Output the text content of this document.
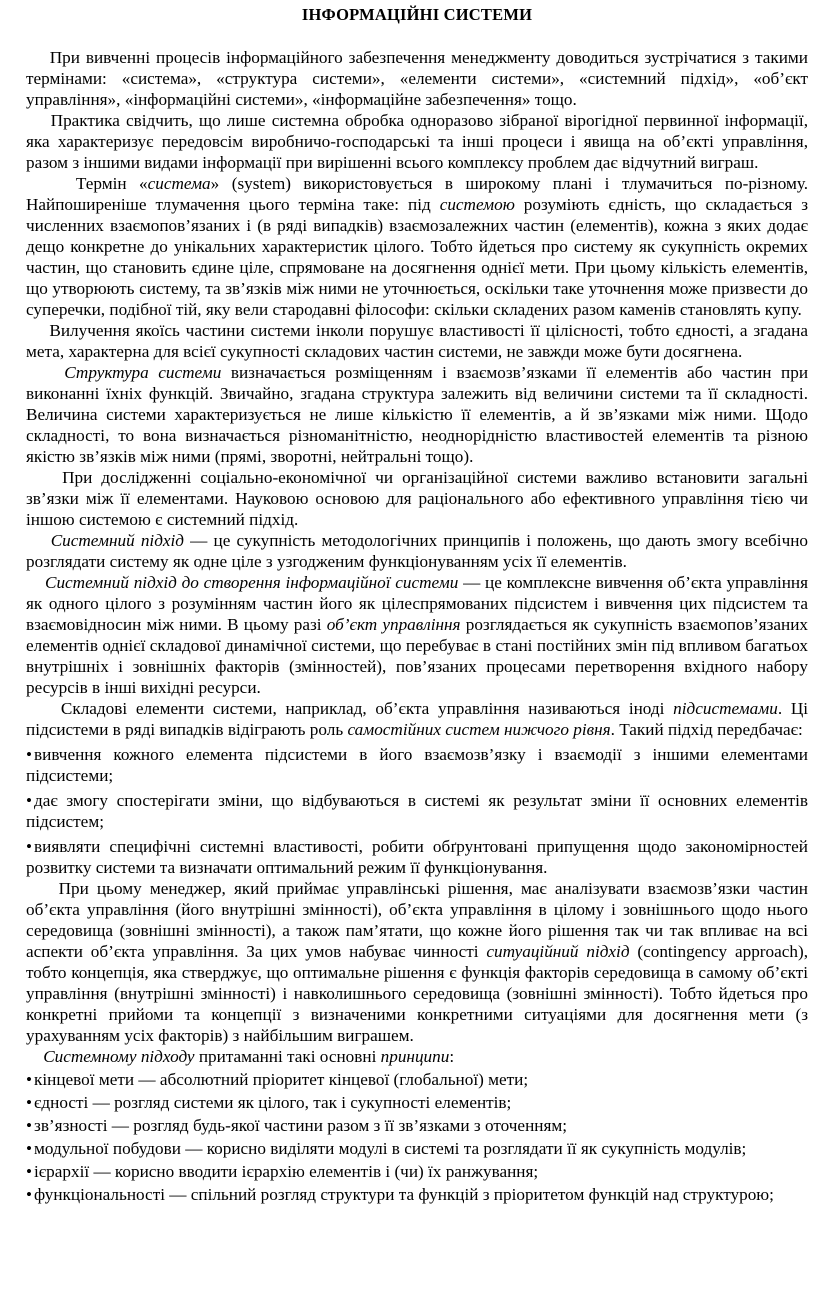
ІНФОРМАЦІЙНІ СИСТЕМИ

При вивченні процесів інформаційного забезпечення менеджменту доводиться зустрічатися з такими термінами: «система», «структура системи», «елементи системи», «системний підхід», «об’єкт управління», «інформаційні системи», «інформаційне забезпечення» тощо.

Практика свідчить, що лише системна обробка одноразово зібраної вірогідної первинної інформації, яка характеризує передовсім виробничо-господарські та інші процеси і явища на об’єкті управління, разом з іншими видами інформації при вирішенні всього комплексу проблем дає відчутний виграш.

Термін «система» (system) використовується в широкому плані і тлумачиться по-різному. Найпоширеніше тлумачення цього терміна таке: під системою розуміють єдність, що складається з численних взаємопов’язаних і (в ряді випадків) взаємозалежних частин (елементів), кожна з яких додає дещо конкретне до унікальних характеристик цілого. Тобто йдеться про систему як сукупність окремих частин, що становить єдине ціле, спрямоване на досягнення однієї мети. При цьому кількість елементів, що утворюють систему, та зв’язків між ними не уточнюється, оскільки таке уточнення може призвести до суперечки, подібної тій, яку вели стародавні філософи: скільки складених разом каменів становлять купу.

Вилучення якоїсь частини системи інколи порушує властивості її цілісності, тобто єдності, а згадана мета, характерна для всієї сукупності складових частин системи, не завжди може бути досягнена.

Структура системи визначається розміщенням і взаємозв’язками її елементів або частин при виконанні їхніх функцій. Звичайно, згадана структура залежить від величини системи та її складності. Величина системи характеризується не лише кількістю її елементів, а й зв’язками між ними. Щодо складності, то вона визначається різноманітністю, неоднорідністю властивостей елементів та різною якістю зв’язків між ними (прямі, зворотні, нейтральні тощо).

При дослідженні соціально-економічної чи організаційної системи важливо встановити загальні зв’язки між її елементами. Науковою основою для раціонального або ефективного управління тією чи іншою системою є системний підхід.

Системний підхід — це сукупність методологічних принципів і положень, що дають змогу всебічно розглядати систему як одне ціле з узгодженим функціонуванням усіх її елементів.

Системний підхід до створення інформаційної системи — це комплексне вивчення об’єкта управління як одного цілого з розумінням частин його як цілеспрямованих підсистем і вивчення цих підсистем та взаємовідносин між ними. В цьому разі об’єкт управління розглядається як сукупність взаємопов’язаних елементів однієї складової динамічної системи, що перебуває в стані постійних змін під впливом багатьох внутрішніх і зовнішніх факторів (змінностей), пов’язаних процесами перетворення вхідного набору ресурсів в інші вихідні ресурси.

Складові елементи системи, наприклад, об’єкта управління називаються іноді підсистемами. Ці підсистеми в ряді випадків відіграють роль самостійних систем нижчого рівня. Такий підхід передбачає:

• вивчення кожного елемента підсистеми в його взаємозв’язку і взаємодії з іншими елементами підсистеми;

• дає змогу спостерігати зміни, що відбуваються в системі як результат зміни її основних елементів підсистем;

• виявляти специфічні системні властивості, робити обґрунтовані припущення щодо закономірностей розвитку системи та визначати оптимальний режим її функціонування.

При цьому менеджер, який приймає управлінські рішення, має аналізувати взаємозв’язки частин об’єкта управління (його внутрішні змінності), об’єкта управління в цілому і зовнішнього щодо нього середовища (зовнішні змінності), а також пам’ятати, що кожне його рішення так чи так впливає на всі аспекти об’єкта управління. За цих умов набуває чинності ситуаційний підхід (contingency approach), тобто концепція, яка стверджує, що оптимальне рішення є функція факторів середовища в самому об’єкті управління (внутрішні змінності) і навколишнього середовища (зовнішні змінності). Тобто йдеться про конкретні прийоми та концепції з визначеними конкретними ситуаціями для досягнення мети (з урахуванням усіх факторів) з найбільшим виграшем.

Системному підходу притаманні такі основні принципи:

• кінцевої мети — абсолютний пріоритет кінцевої (глобальної) мети;

• єдності — розгляд системи як цілого, так і сукупності елементів;

• зв’язності — розгляд будь-якої частини разом з її зв’язками з оточенням;

• модульної побудови — корисно виділяти модулі в системі та розглядати її як сукупність модулів;

• ієрархії — корисно вводити ієрархію елементів і (чи) їх ранжування;

• функціональності — спільний розгляд структури та функцій з пріоритетом функцій над структурою;
